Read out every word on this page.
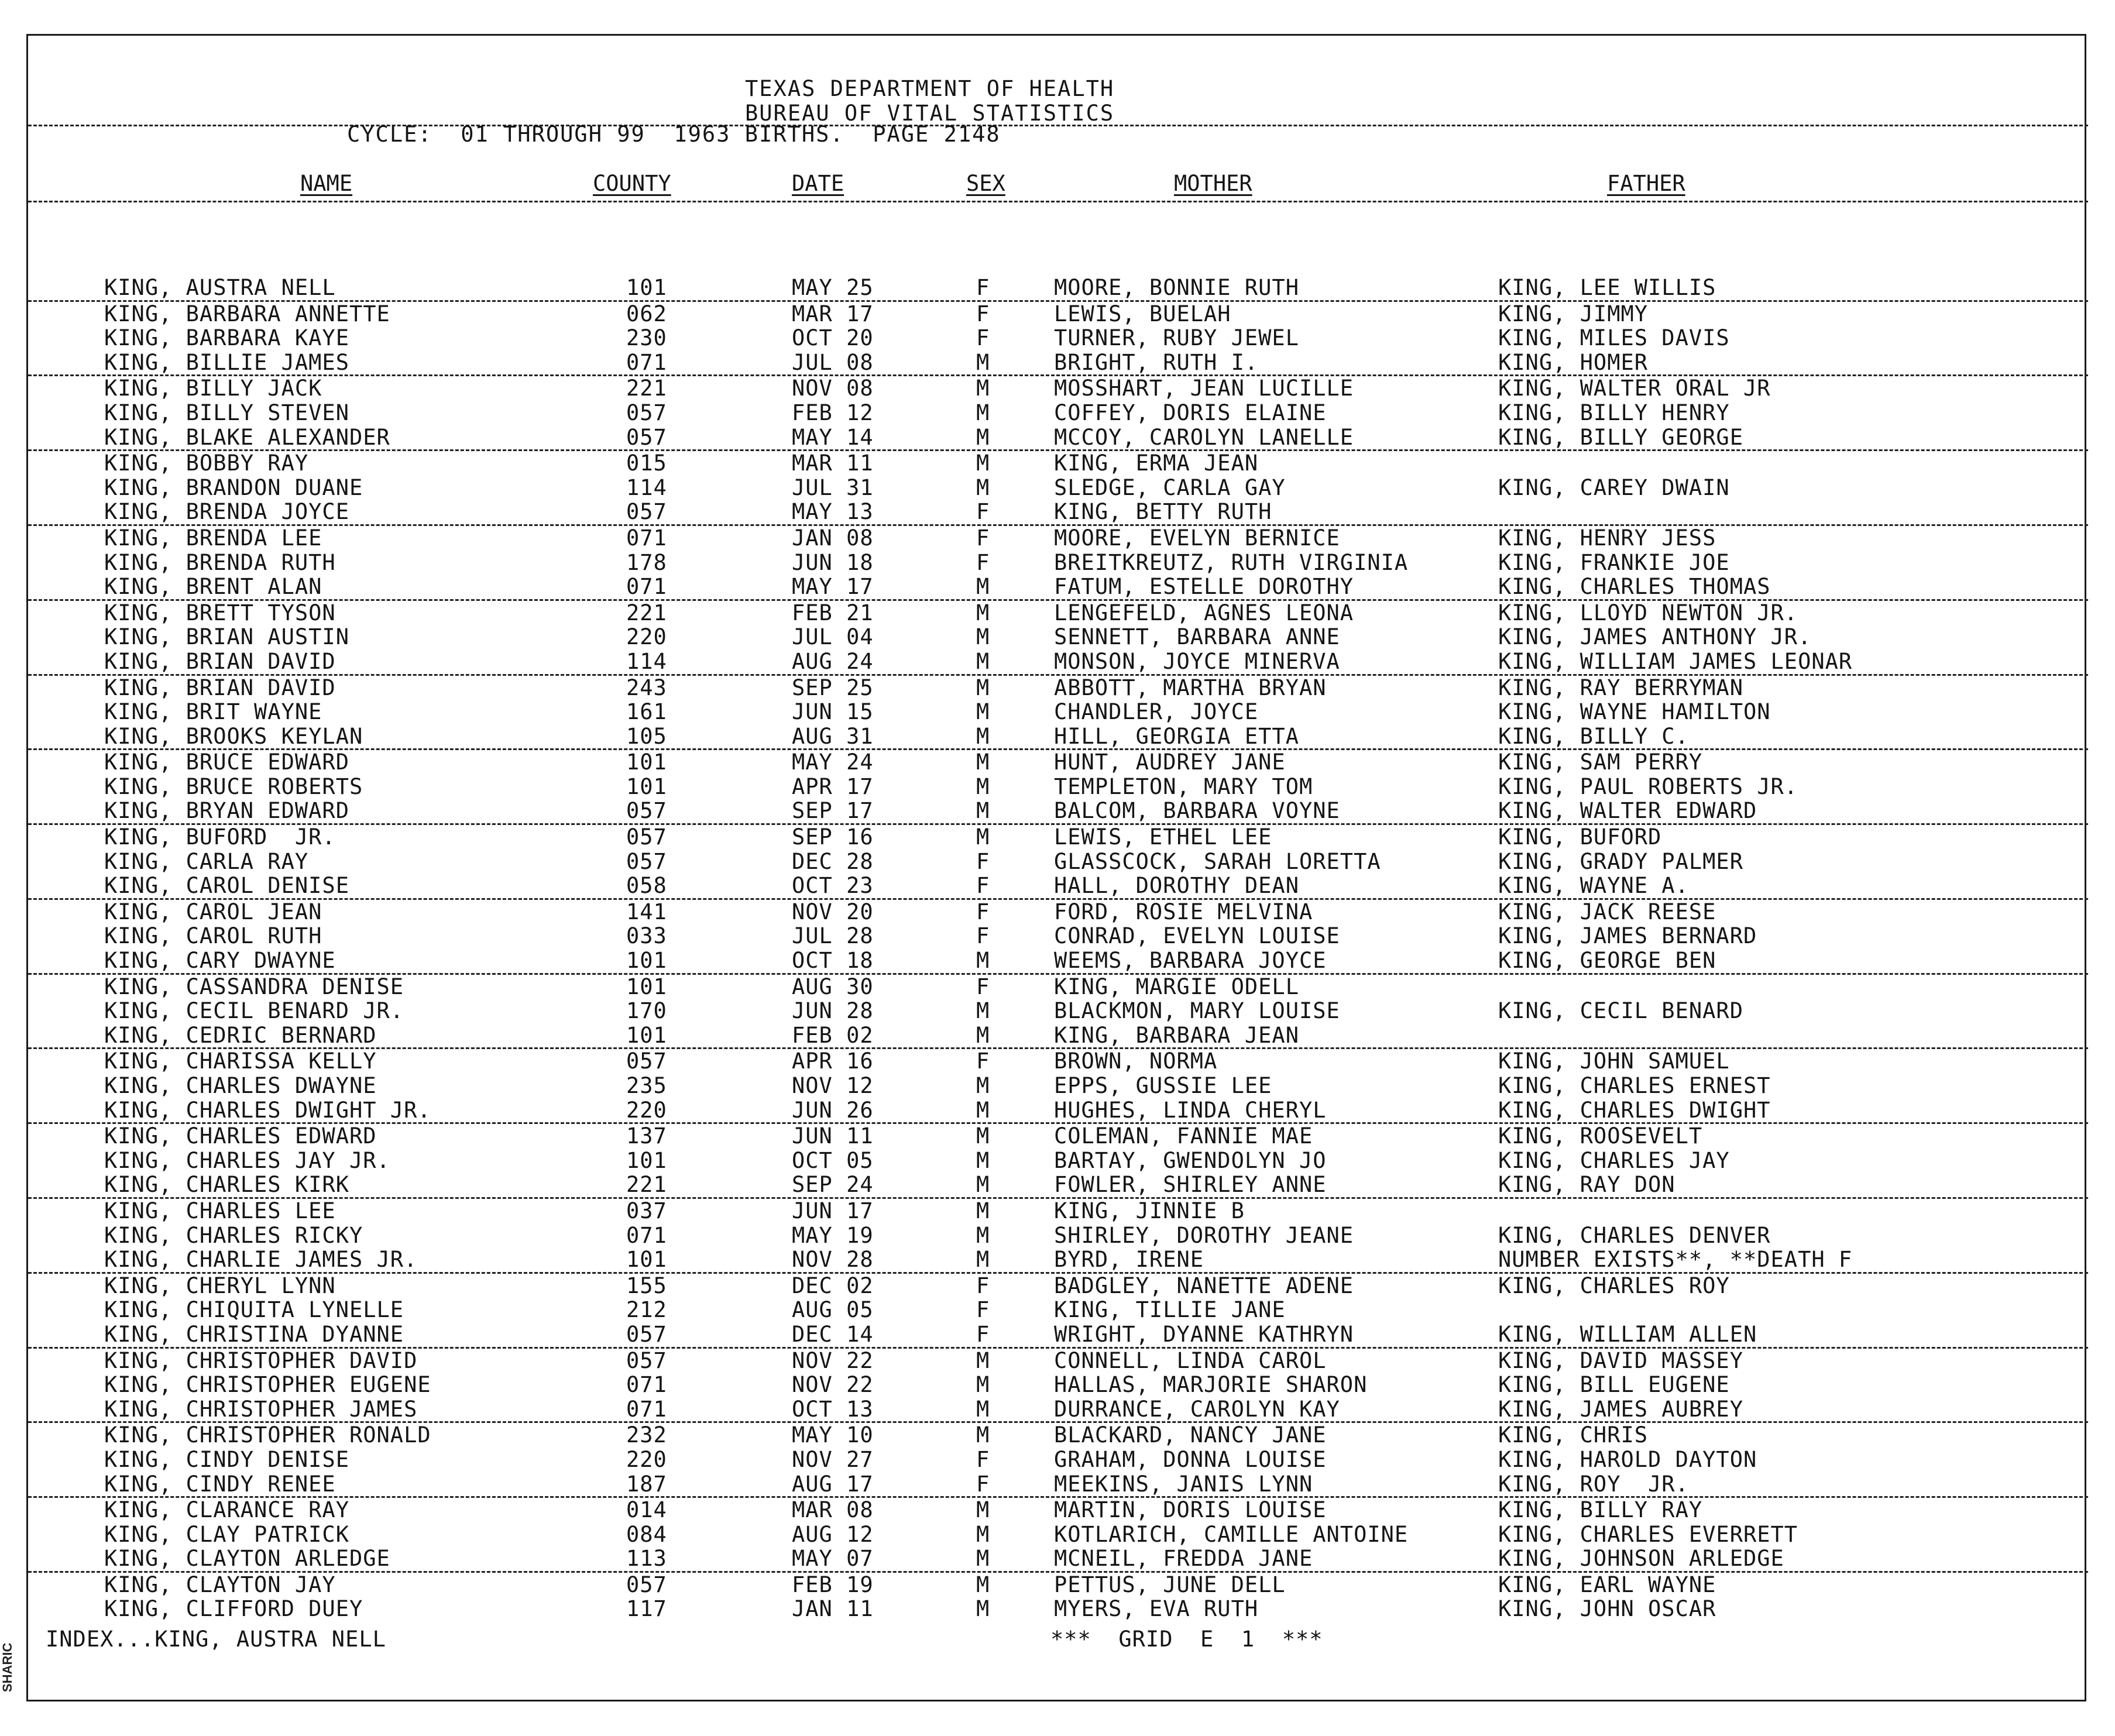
TEXAS DEPARTMENT OF HEALTH
BUREAU OF VITAL STATISTICS
CYCLE:  01 THROUGH 99  1963 BIRTHS.  PAGE 2148
NAME	COUNTY	DATE	SEX	MOTHER	FATHER
KING, AUSTRA NELL	101	MAY 25	F	MOORE, BONNIE RUTH	KING, LEE WILLIS
KING, BARBARA ANNETTE	062	MAR 17	F	LEWIS, BUELAH	KING, JIMMY
KING, BARBARA KAYE	230	OCT 20	F	TURNER, RUBY JEWEL	KING, MILES DAVIS
KING, BILLIE JAMES	071	JUL 08	M	BRIGHT, RUTH I.	KING, HOMER
KING, BILLY JACK	221	NOV 08	M	MOSSHART, JEAN LUCILLE	KING, WALTER ORAL JR
KING, BILLY STEVEN	057	FEB 12	M	COFFEY, DORIS ELAINE	KING, BILLY HENRY
KING, BLAKE ALEXANDER	057	MAY 14	M	MCCOY, CAROLYN LANELLE	KING, BILLY GEORGE
KING, BOBBY RAY	015	MAR 11	M	KING, ERMA JEAN
KING, BRANDON DUANE	114	JUL 31	M	SLEDGE, CARLA GAY	KING, CAREY DWAIN
KING, BRENDA JOYCE	057	MAY 13	F	KING, BETTY RUTH
KING, BRENDA LEE	071	JAN 08	F	MOORE, EVELYN BERNICE	KING, HENRY JESS
KING, BRENDA RUTH	178	JUN 18	F	BREITKREUTZ, RUTH VIRGINIA	KING, FRANKIE JOE
KING, BRENT ALAN	071	MAY 17	M	FATUM, ESTELLE DOROTHY	KING, CHARLES THOMAS
KING, BRETT TYSON	221	FEB 21	M	LENGEFELD, AGNES LEONA	KING, LLOYD NEWTON JR.
KING, BRIAN AUSTIN	220	JUL 04	M	SENNETT, BARBARA ANNE	KING, JAMES ANTHONY JR.
KING, BRIAN DAVID	114	AUG 24	M	MONSON, JOYCE MINERVA	KING, WILLIAM JAMES LEONAR
KING, BRIAN DAVID	243	SEP 25	M	ABBOTT, MARTHA BRYAN	KING, RAY BERRYMAN
KING, BRIT WAYNE	161	JUN 15	M	CHANDLER, JOYCE	KING, WAYNE HAMILTON
KING, BROOKS KEYLAN	105	AUG 31	M	HILL, GEORGIA ETTA	KING, BILLY C.
KING, BRUCE EDWARD	101	MAY 24	M	HUNT, AUDREY JANE	KING, SAM PERRY
KING, BRUCE ROBERTS	101	APR 17	M	TEMPLETON, MARY TOM	KING, PAUL ROBERTS JR.
KING, BRYAN EDWARD	057	SEP 17	M	BALCOM, BARBARA VOYNE	KING, WALTER EDWARD
KING, BUFORD  JR.	057	SEP 16	M	LEWIS, ETHEL LEE	KING, BUFORD
KING, CARLA RAY	057	DEC 28	F	GLASSCOCK, SARAH LORETTA	KING, GRADY PALMER
KING, CAROL DENISE	058	OCT 23	F	HALL, DOROTHY DEAN	KING, WAYNE A.
KING, CAROL JEAN	141	NOV 20	F	FORD, ROSIE MELVINA	KING, JACK REESE
KING, CAROL RUTH	033	JUL 28	F	CONRAD, EVELYN LOUISE	KING, JAMES BERNARD
KING, CARY DWAYNE	101	OCT 18	M	WEEMS, BARBARA JOYCE	KING, GEORGE BEN
KING, CASSANDRA DENISE	101	AUG 30	F	KING, MARGIE ODELL
KING, CECIL BENARD JR.	170	JUN 28	M	BLACKMON, MARY LOUISE	KING, CECIL BENARD
KING, CEDRIC BERNARD	101	FEB 02	M	KING, BARBARA JEAN
KING, CHARISSA KELLY	057	APR 16	F	BROWN, NORMA	KING, JOHN SAMUEL
KING, CHARLES DWAYNE	235	NOV 12	M	EPPS, GUSSIE LEE	KING, CHARLES ERNEST
KING, CHARLES DWIGHT JR.	220	JUN 26	M	HUGHES, LINDA CHERYL	KING, CHARLES DWIGHT
KING, CHARLES EDWARD	137	JUN 11	M	COLEMAN, FANNIE MAE	KING, ROOSEVELT
KING, CHARLES JAY JR.	101	OCT 05	M	BARTAY, GWENDOLYN JO	KING, CHARLES JAY
KING, CHARLES KIRK	221	SEP 24	M	FOWLER, SHIRLEY ANNE	KING, RAY DON
KING, CHARLES LEE	037	JUN 17	M	KING, JINNIE B
KING, CHARLES RICKY	071	MAY 19	M	SHIRLEY, DOROTHY JEANE	KING, CHARLES DENVER
KING, CHARLIE JAMES JR.	101	NOV 28	M	BYRD, IRENE	NUMBER EXISTS**, **DEATH F
KING, CHERYL LYNN	155	DEC 02	F	BADGLEY, NANETTE ADENE	KING, CHARLES ROY
KING, CHIQUITA LYNELLE	212	AUG 05	F	KING, TILLIE JANE
KING, CHRISTINA DYANNE	057	DEC 14	F	WRIGHT, DYANNE KATHRYN	KING, WILLIAM ALLEN
KING, CHRISTOPHER DAVID	057	NOV 22	M	CONNELL, LINDA CAROL	KING, DAVID MASSEY
KING, CHRISTOPHER EUGENE	071	NOV 22	M	HALLAS, MARJORIE SHARON	KING, BILL EUGENE
KING, CHRISTOPHER JAMES	071	OCT 13	M	DURRANCE, CAROLYN KAY	KING, JAMES AUBREY
KING, CHRISTOPHER RONALD	232	MAY 10	M	BLACKARD, NANCY JANE	KING, CHRIS
KING, CINDY DENISE	220	NOV 27	F	GRAHAM, DONNA LOUISE	KING, HAROLD DAYTON
KING, CINDY RENEE	187	AUG 17	F	MEEKINS, JANIS LYNN	KING, ROY  JR.
KING, CLARANCE RAY	014	MAR 08	M	MARTIN, DORIS LOUISE	KING, BILLY RAY
KING, CLAY PATRICK	084	AUG 12	M	KOTLARICH, CAMILLE ANTOINE	KING, CHARLES EVERRETT
KING, CLAYTON ARLEDGE	113	MAY 07	M	MCNEIL, FREDDA JANE	KING, JOHNSON ARLEDGE
KING, CLAYTON JAY	057	FEB 19	M	PETTUS, JUNE DELL	KING, EARL WAYNE
KING, CLIFFORD DUEY	117	JAN 11	M	MYERS, EVA RUTH	KING, JOHN OSCAR
INDEX...KING, AUSTRA NELL	***  GRID  E  1  ***
SHARIC
